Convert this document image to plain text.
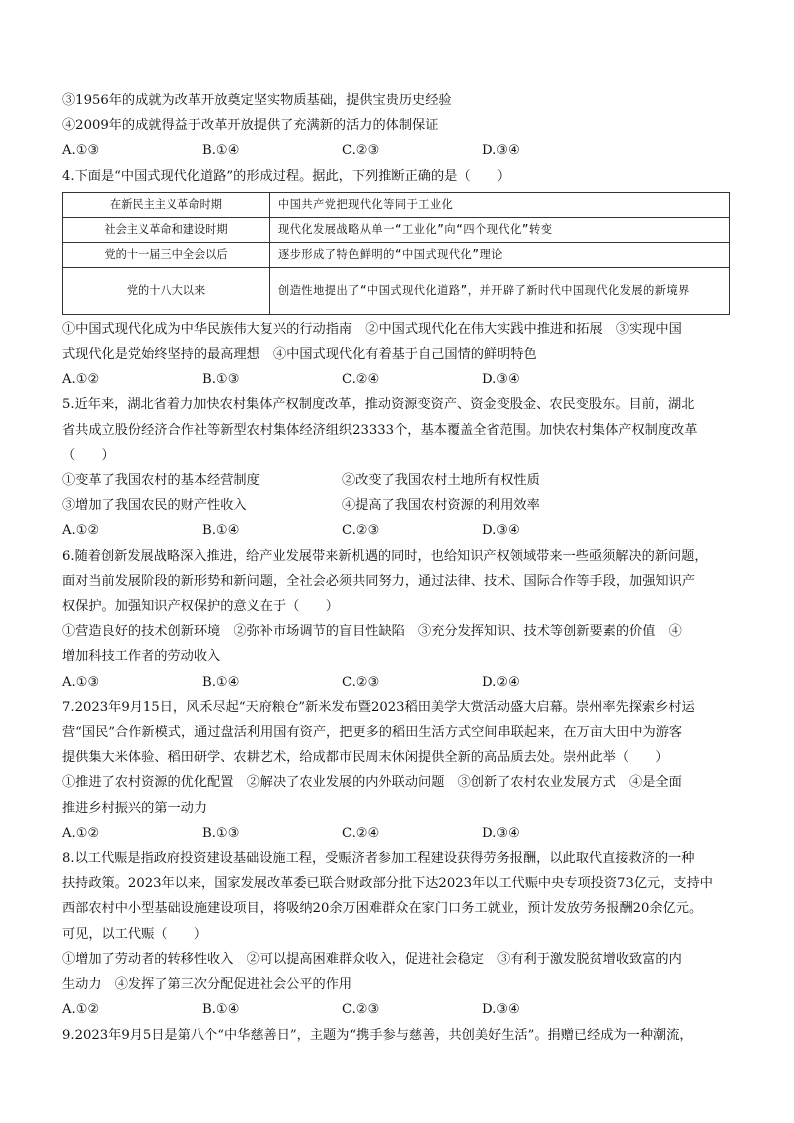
③1956年的成就为改革开放奠定坚实物质基础，提供宝贵历史经验
④2009年的成就得益于改革开放提供了充满新的活力的体制保证
A.①③	B.①④	C.②③	D.③④
4.下面是“中国式现代化道路”的形成过程。据此，下列推断正确的是（　　）
在新民主主义革命时期	中国共产党把现代化等同于工业化
社会主义革命和建设时期	现代化发展战略从单一“工业化”向“四个现代化”转变
党的十一届三中全会以后	逐步形成了特色鲜明的“中国式现代化”理论
党的十八大以来	创造性地提出了“中国式现代化道路”，并开辟了新时代中国现代化发展的新境界
①中国式现代化成为中华民族伟大复兴的行动指南　②中国式现代化在伟大实践中推进和拓展　③实现中国
式现代化是党始终坚持的最高理想　④中国式现代化有着基于自己国情的鲜明特色
A.①②	B.①③	C.②④	D.③④
5.近年来，湖北省着力加快农村集体产权制度改革，推动资源变资产、资金变股金、农民变股东。目前，湖北
省共成立股份经济合作社等新型农村集体经济组织23333个，基本覆盖全省范围。加快农村集体产权制度改革
（　　）
①变革了我国农村的基本经营制度	②改变了我国农村土地所有权性质
③增加了我国农民的财产性收入	④提高了我国农村资源的利用效率
A.①②	B.①④	C.②③	D.③④
6.随着创新发展战略深入推进，给产业发展带来新机遇的同时，也给知识产权领域带来一些亟须解决的新问题，
面对当前发展阶段的新形势和新问题，全社会必须共同努力，通过法律、技术、国际合作等手段，加强知识产
权保护。加强知识产权保护的意义在于（　　）
①营造良好的技术创新环境　②弥补市场调节的盲目性缺陷　③充分发挥知识、技术等创新要素的价值　④
增加科技工作者的劳动收入
A.①③	B.①④	C.②③	D.②④
7.2023年9月15日，风禾尽起“天府粮仓”新米发布暨2023稻田美学大赏活动盛大启幕。崇州率先探索乡村运
营“国民”合作新模式，通过盘活利用国有资产，把更多的稻田生活方式空间串联起来，在万亩大田中为游客
提供集大米体验、稻田研学、农耕艺术，给成都市民周末休闲提供全新的高品质去处。崇州此举（　　）
①推进了农村资源的优化配置　②解决了农业发展的内外联动问题　③创新了农村农业发展方式　④是全面
推进乡村振兴的第一动力
A.①②	B.①③	C.②④	D.③④
8.以工代赈是指政府投资建设基础设施工程，受赈济者参加工程建设获得劳务报酬，以此取代直接救济的一种
扶持政策。2023年以来，国家发展改革委已联合财政部分批下达2023年以工代赈中央专项投资73亿元，支持中
西部农村中小型基础设施建设项目，将吸纳20余万困难群众在家门口务工就业，预计发放劳务报酬20余亿元。
可见，以工代赈（　　）
①增加了劳动者的转移性收入　②可以提高困难群众收入，促进社会稳定　③有利于激发脱贫增收致富的内
生动力　④发挥了第三次分配促进社会公平的作用
A.①②	B.①④	C.②③	D.③④
9.2023年9月5日是第八个“中华慈善日”，主题为“携手参与慈善，共创美好生活”。捐赠已经成为一种潮流，
